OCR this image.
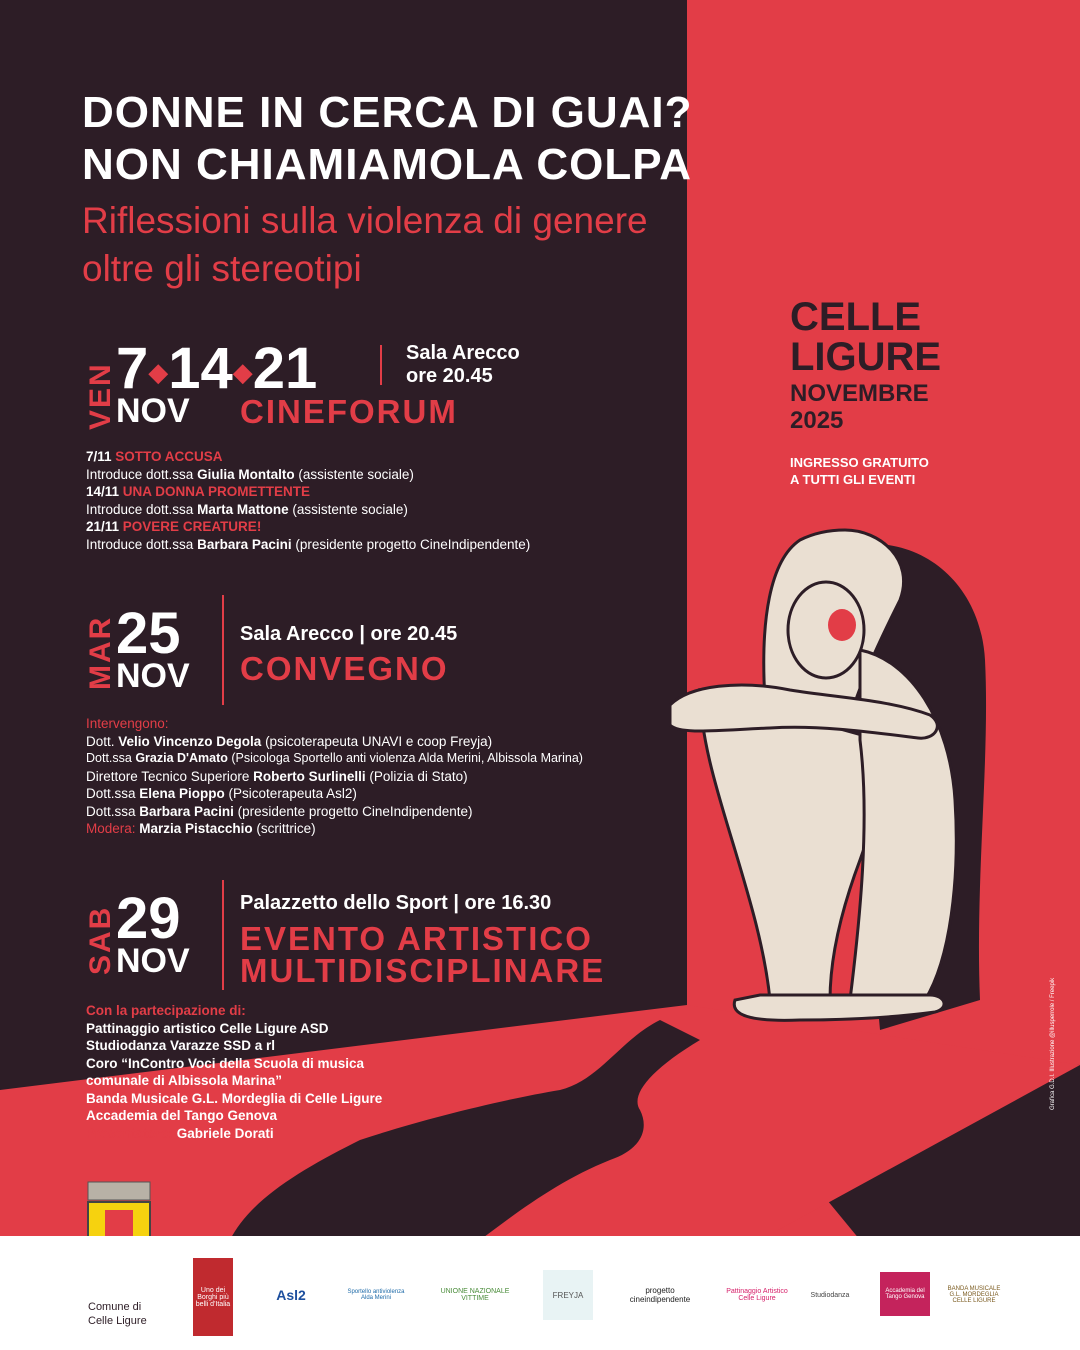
DONNE IN CERCA DI GUAI?
NON CHIAMIAMOLA COLPA
Riflessioni sulla violenza di genere
oltre gli stereotipi
CELLE
LIGURE
NOVEMBRE
2025
INGRESSO GRATUITO
A TUTTI GLI EVENTI
VEN 7◆14◆21
NOV
Sala Arecco
ore 20.45
CINEFORUM
7/11 SOTTO ACCUSA
Introduce dott.ssa Giulia Montalto (assistente sociale)
14/11 UNA DONNA PROMETTENTE
Introduce dott.ssa Marta Mattone (assistente sociale)
21/11 POVERE CREATURE!
Introduce dott.ssa Barbara Pacini (presidente progetto CineIndipendente)
MAR 25
NOV
Sala Arecco | ore 20.45
CONVEGNO
Intervengono:
Dott. Velio Vincenzo Degola (psicoterapeuta UNAVI e coop Freyja)
Dott.ssa Grazia D'Amato (Psicologa Sportello anti violenza Alda Merini, Albissola Marina)
Direttore Tecnico Superiore Roberto Surlinelli (Polizia di Stato)
Dott.ssa Elena Pioppo (Psicoterapeuta Asl2)
Dott.ssa Barbara Pacini (presidente progetto CineIndipendente)
Modera: Marzia Pistacchio (scrittrice)
SAB 29
NOV
Palazzetto dello Sport | ore 16.30
EVENTO ARTISTICO
MULTIDISCIPLINARE
Con la partecipazione di:
Pattinaggio artistico Celle Ligure ASD
Studiodanza Varazze SSD a rl
Coro “InContro Voci della Scuola di musica
comunale di Albissola Marina”
Banda Musicale G.L. Mordeglia di Celle Ligure
Accademia del Tango Genova
Presentatore: Gabriele Dorati
Grafica G.D.I. Illustrazione @illusperrole / Freepik
Comune di
Celle Ligure
Uno dei Borghi più belli d'Italia
Asl2	Sportello antiviolenza Alda Merini
UNIONE NAZIONALE VITTIME	FREYJA	progetto cineindipendente
Pattinaggio Artistico Celle Ligure	Studiodanza
Accademia del Tango Genova
BANDA MUSICALE G.L. MORDEGLIA CELLE LIGURE
